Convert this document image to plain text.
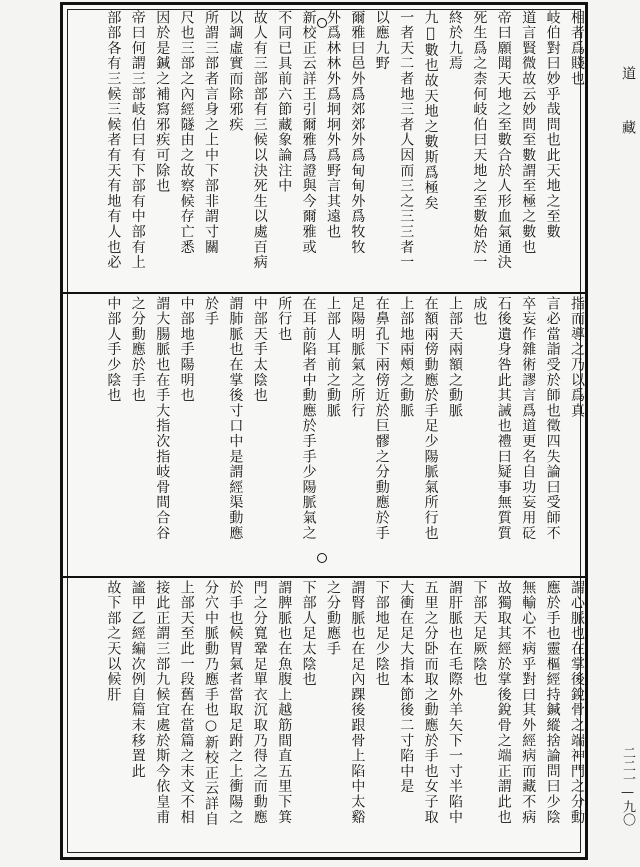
相者爲賤也
岐伯對曰妙乎哉問也此天地之至數
道言賢微故云妙問至數謂至極之數也
帝曰願聞天地之至數合於人形血氣通決
死生爲之柰何岐伯曰天地之至數始於一
終於九焉
九𫈇數也故天地之數斯爲極矣
一者天二者地三者人因而三之三三者一
以應九野
爾雅曰邑外爲郊郊外爲甸甸外爲牧牧
外爲林林外爲坰坰外爲野言其遠也
新校正云詳王引爾雅爲證與今爾雅或
不同已具前六節藏象論注中
故人有三部部有三候以決死生以處百病
以調虛實而除邪疾
所謂三部者言身之上中下部非謂寸關
尺也三部之內經隧由之故察候存亡悉
因於是鍼之補寫邪疾可除也
帝曰何謂三部岐伯曰有下部有中部有上
部部各有三候三候者有天有地有人也必
指而導之乃以爲真
言必當詣受於師也徵四失論曰受師不
卒妄作雜術謬言爲道更名自功妄用砭
石後遺身咎此其誡也禮曰疑事無質質
成也
上部天兩額之動脈
在額兩傍動應於手足少陽脈氣所行也
上部地兩頰之動脈
在鼻孔下兩傍近於巨髎之分動應於手
足陽明脈氣之所行
上部人耳前之動脈
在耳前陷者中動應於手手少陽脈氣之
所行也
中部天手太陰也
謂肺脈也在掌後寸口中是謂經渠動應
於手
中部地手陽明也
謂大腸脈也在手大指次指岐骨間合谷
之分動應於手也
中部人手少陰也
謂心脈也在掌後銳骨之端神門之分動
應於手也靈樞經持鍼縱捨論問曰少陰
無輸心不病乎對曰其外經病而藏不病
故獨取其經於掌後銳骨之端正謂此也
下部天足厥陰也
謂肝脈也在毛際外羊矢下一寸半陷中
五里之分卧而取之動應於手也女子取
大衝在足大指本節後二寸陷中是
下部地足少陰也
謂腎脈也在足內踝後跟骨上陷中太谿
之分動應手
下部人足太陰也
謂脾脈也在魚腹上越筋間直五里下箕
門之分寬鞏足單衣沉取乃得之而動應
於手也候胃氣者當取足跗之上衝陽之
分穴中脈動乃應手也○新校正云詳自
上部天至此一段舊在當篇之末文不相
接此正謂三部九候宜處於斯今依皇甫
謐甲乙經編次例自篇末移置此
故下部之天以候肝
道
藏
二二一—九〇
